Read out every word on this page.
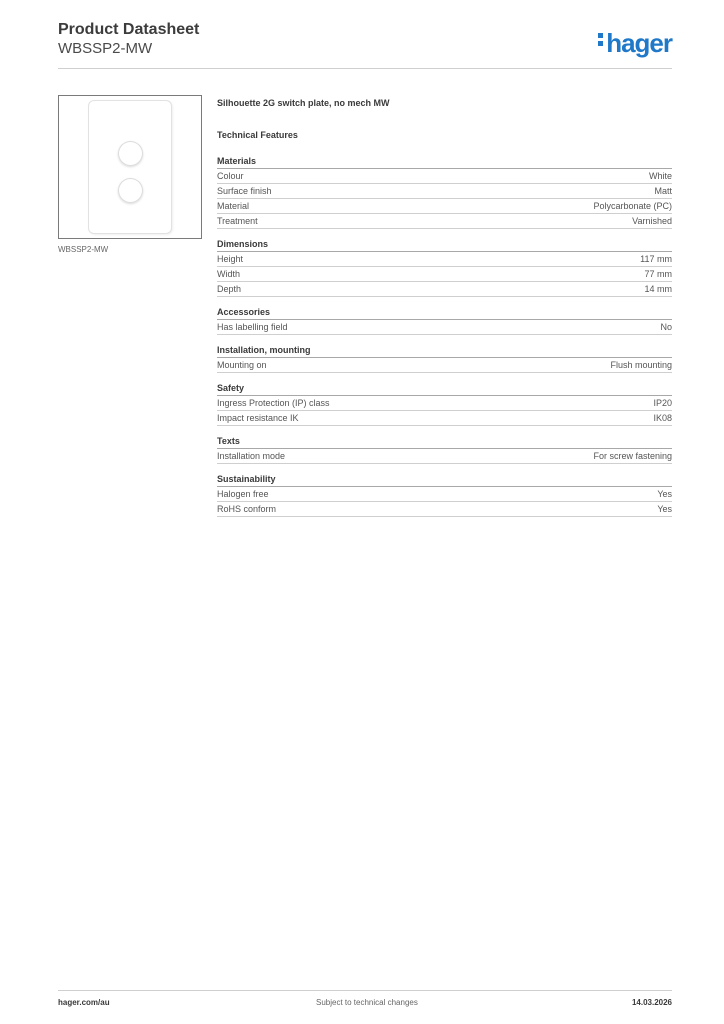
Product Datasheet
WBSSP2-MW	hager
WBSSP2-MW
Silhouette 2G switch plate, no mech MW
Technical Features
Materials
Colour	White
Surface finish	Matt
Material	Polycarbonate (PC)
Treatment	Varnished
Dimensions
Height	117 mm
Width	77 mm
Depth	14 mm
Accessories
Has labelling field	No
Installation, mounting
Mounting on	Flush mounting
Safety
Ingress Protection (IP) class	IP20
Impact resistance IK	IK08
Texts
Installation mode	For screw fastening
Sustainability
Halogen free	Yes
RoHS conform	Yes
hager.com/au	Subject to technical changes	14.03.2026
